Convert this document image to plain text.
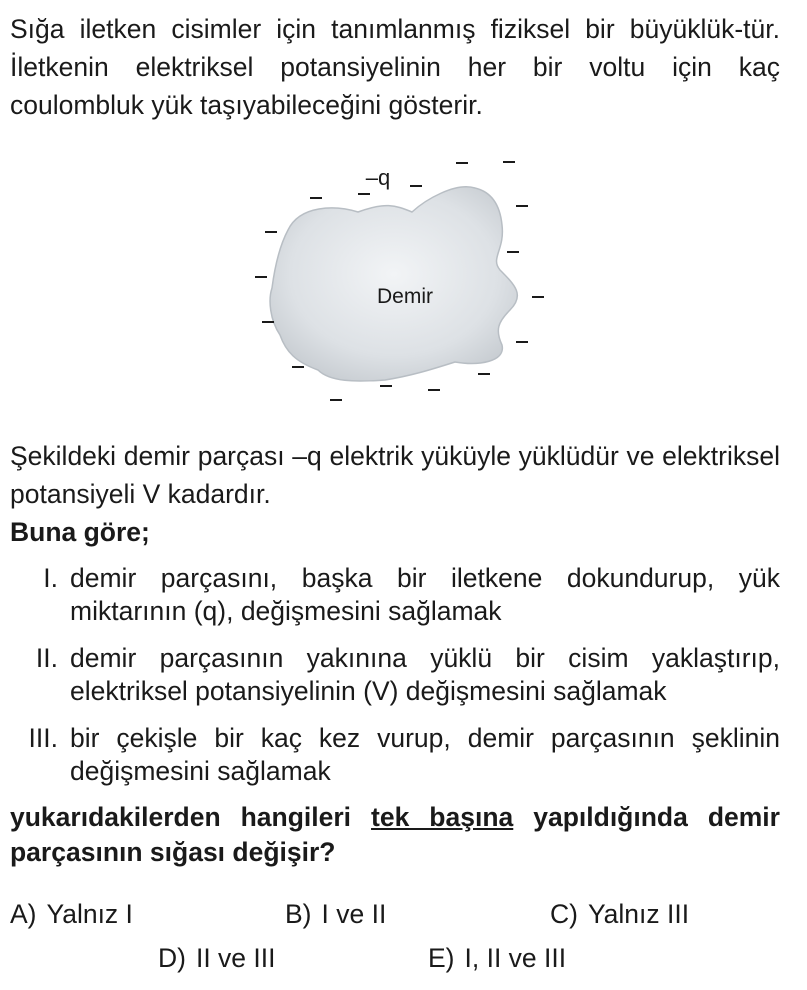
Sığa iletken cisimler için tanımlanmış fiziksel bir büyüklük-tür. İletkenin elektriksel potansiyelinin her bir voltu için kaç coulombluk yük taşıyabileceğini gösterir.
Demir
–q
Şekildeki demir parçası –q elektrik yüküyle yüklüdür ve elektriksel potansiyeli V kadardır.
Buna göre;
I. demir parçasını, başka bir iletkene dokundurup, yük miktarının (q), değişmesini sağlamak
II. demir parçasının yakınına yüklü bir cisim yaklaştırıp, elektriksel potansiyelinin (V) değişmesini sağlamak
III. bir çekişle bir kaç kez vurup, demir parçasının şeklinin değişmesini sağlamak
yukarıdakilerden hangileri tek başına yapıldığında demir parçasının sığası değişir?
A) Yalnız I	B) I ve II	C) Yalnız III
D) II ve III	E) I, II ve III
